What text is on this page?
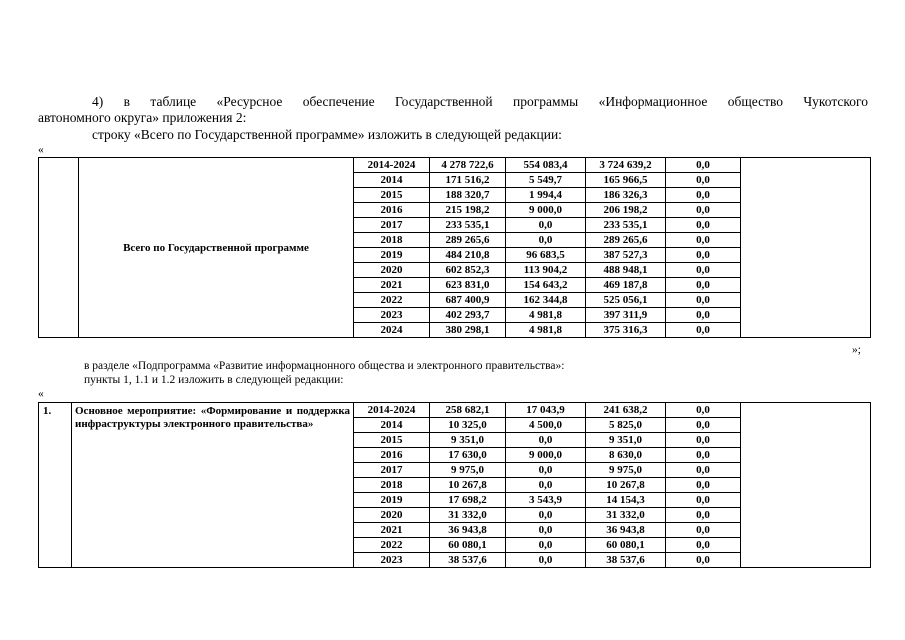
4) в таблице «Ресурсное обеспечение Государственной программы «Информационное общество Чукотского
автономного округа» приложения 2:
строку «Всего по Государственной программе» изложить в следующей редакции:
«
	Всего по Государственной программе	2014-2024	4 278 722,6	554 083,4	3 724 639,2	0,0	
		2014	171 516,2	5 549,7	165 966,5	0,0	
		2015	188 320,7	1 994,4	186 326,3	0,0	
		2016	215 198,2	9 000,0	206 198,2	0,0	
		2017	233 535,1	0,0	233 535,1	0,0	
		2018	289 265,6	0,0	289 265,6	0,0	
		2019	484 210,8	96 683,5	387 527,3	0,0	
		2020	602 852,3	113 904,2	488 948,1	0,0	
		2021	623 831,0	154 643,2	469 187,8	0,0	
		2022	687 400,9	162 344,8	525 056,1	0,0	
		2023	402 293,7	4 981,8	397 311,9	0,0	
		2024	380 298,1	4 981,8	375 316,3	0,0	
»;
в разделе «Подпрограмма «Развитие информацнонного общества и электронного правительства»:
пункты 1, 1.1 и 1.2 изложить в следующей редакции:
«
1.	Основное мероприятие: «Формирование и поддержка инфраструктуры электронного правительства»	2014-2024	258 682,1	17 043,9	241 638,2	0,0	
		2014	10 325,0	4 500,0	5 825,0	0,0	
		2015	9 351,0	0,0	9 351,0	0,0	
		2016	17 630,0	9 000,0	8 630,0	0,0	
		2017	9 975,0	0,0	9 975,0	0,0	
		2018	10 267,8	0,0	10 267,8	0,0	
		2019	17 698,2	3 543,9	14 154,3	0,0	
		2020	31 332,0	0,0	31 332,0	0,0	
		2021	36 943,8	0,0	36 943,8	0,0	
		2022	60 080,1	0,0	60 080,1	0,0	
		2023	38 537,6	0,0	38 537,6	0,0	
